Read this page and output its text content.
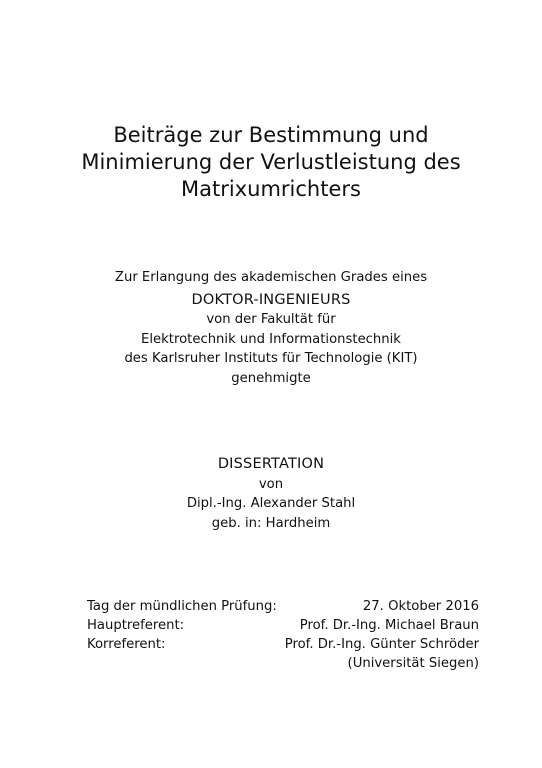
Beiträge zur Bestimmung und
Minimierung der Verlustleistung des
Matrixumrichters
Zur Erlangung des akademischen Grades eines
DOKTOR-INGENIEURS
von der Fakultät für
Elektrotechnik und Informationstechnik
des Karlsruher Instituts für Technologie (KIT)
genehmigte
DISSERTATION
von
Dipl.-Ing. Alexander Stahl
geb. in: Hardheim
Tag der mündlichen Prüfung:	27. Oktober 2016
Hauptreferent:	Prof. Dr.-Ing. Michael Braun
Korreferent:	Prof. Dr.-Ing. Günter Schröder
(Universität Siegen)
